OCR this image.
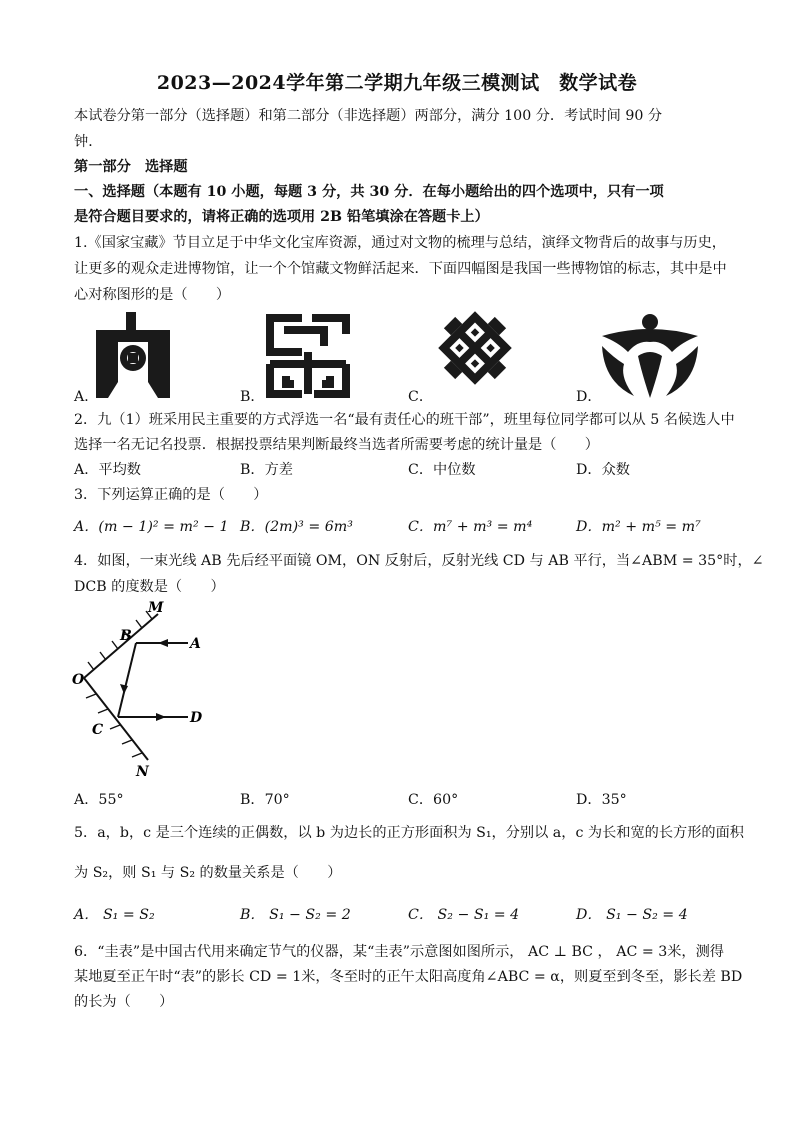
2023—2024学年第二学期九年级三模测试　数学试卷
本试卷分第一部分（选择题）和第二部分（非选择题）两部分，满分 100 分．考试时间 90 分
钟．
第一部分　选择题
一、选择题（本题有 10 小题，每题 3 分，共 30 分．在每小题给出的四个选项中，只有一项
是符合题目要求的，请将正确的选项用 2B 铅笔填涂在答题卡上）
1.《国家宝藏》节目立足于中华文化宝库资源，通过对文物的梳理与总结，演绎文物背后的故事与历史，
让更多的观众走进博物馆，让一个个馆藏文物鲜活起来．下面四幅图是我国一些博物馆的标志，其中是中
心对称图形的是（　　）
A．	B．	C．	D．
2．九（1）班采用民主重要的方式浮选一名“最有责任心的班干部”，班里每位同学都可以从 5 名候选人中
选择一名无记名投票．根据投票结果判断最终当选者所需要考虑的统计量是（　　）
A．平均数	B．方差	C．中位数	D．众数
3．下列运算正确的是（　　）
A．(m − 1)² = m² − 1 B．(2m)³ = 6m³	C．m⁷ + m³ = m⁴	D．m² + m⁵ = m⁷
4．如图，一束光线 AB 先后经平面镜 OM，ON 反射后，反射光线 CD 与 AB 平行，当∠ABM = 35°时，∠
DCB 的度数是（　　）
M
B	A
O
C
D
N
A．55°	B．70°	C．60°	D．35°
5．a，b，c 是三个连续的正偶数，以 b 为边长的正方形面积为 S₁，分别以 a，c 为长和宽的长方形的面积
为 S₂，则 S₁ 与 S₂ 的数量关系是（　　）
A． S₁ = S₂	B． S₁ − S₂ = 2	C． S₂ − S₁ = 4	D． S₁ − S₂ = 4
6．“圭表”是中国古代用来确定节气的仪器，某“圭表”示意图如图所示， AC ⊥ BC ， AC = 3米，测得
某地夏至正午时“表”的影长 CD = 1米，冬至时的正午太阳高度角∠ABC = α，则夏至到冬至，影长差 BD
的长为（　　）
